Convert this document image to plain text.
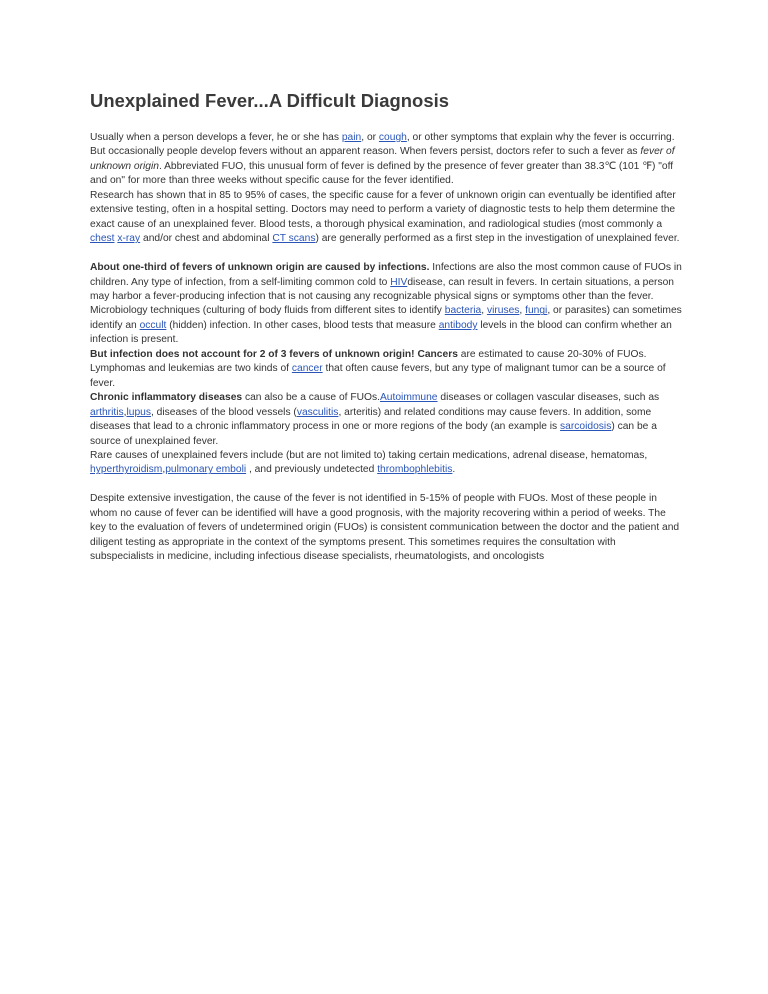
Unexplained Fever...A Difficult Diagnosis

Usually when a person develops a fever, he or she has pain, or cough, or other symptoms that explain why the fever is occurring. But occasionally people develop fevers without an apparent reason. When fevers persist, doctors refer to such a fever as fever of unknown origin. Abbreviated FUO, this unusual form of fever is defined by the presence of fever greater than 38.3℃ (101 ℉) "off and on" for more than three weeks without specific cause for the fever identified.

Research has shown that in 85 to 95% of cases, the specific cause for a fever of unknown origin can eventually be identified after extensive testing, often in a hospital setting. Doctors may need to perform a variety of diagnostic tests to help them determine the exact cause of an unexplained fever. Blood tests, a thorough physical examination, and radiological studies (most commonly a chest x-ray and/or chest and abdominal CT scans) are generally performed as a first step in the investigation of unexplained fever.

About one-third of fevers of unknown origin are caused by infections. Infections are also the most common cause of FUOs in children. Any type of infection, from a self-limiting common cold to HIVdisease, can result in fevers. In certain situations, a person may harbor a fever-producing infection that is not causing any recognizable physical signs or symptoms other than the fever. Microbiology techniques (culturing of body fluids from different sites to identify bacteria, viruses, fungi, or parasites) can sometimes identify an occult (hidden) infection. In other cases, blood tests that measure antibody levels in the blood can confirm whether an infection is present.

But infection does not account for 2 of 3 fevers of unknown origin! Cancers are estimated to cause 20-30% of FUOs. Lymphomas and leukemias are two kinds of cancer that often cause fevers, but any type of malignant tumor can be a source of fever.

Chronic inflammatory diseases can also be a cause of FUOs.Autoimmune diseases or collagen vascular diseases, such as arthritis,lupus, diseases of the blood vessels (vasculitis, arteritis) and related conditions may cause fevers. In addition, some diseases that lead to a chronic inflammatory process in one or more regions of the body (an example is sarcoidosis) can be a source of unexplained fever.

Rare causes of unexplained fevers include (but are not limited to) taking certain medications, adrenal disease, hematomas, hyperthyroidism,pulmonary emboli , and previously undetected thrombophlebitis.

Despite extensive investigation, the cause of the fever is not identified in 5-15% of people with FUOs. Most of these people in whom no cause of fever can be identified will have a good prognosis, with the majority recovering within a period of weeks. The key to the evaluation of fevers of undetermined origin (FUOs) is consistent communication between the doctor and the patient and diligent testing as appropriate in the context of the symptoms present. This sometimes requires the consultation with subspecialists in medicine, including infectious disease specialists, rheumatologists, and oncologists
